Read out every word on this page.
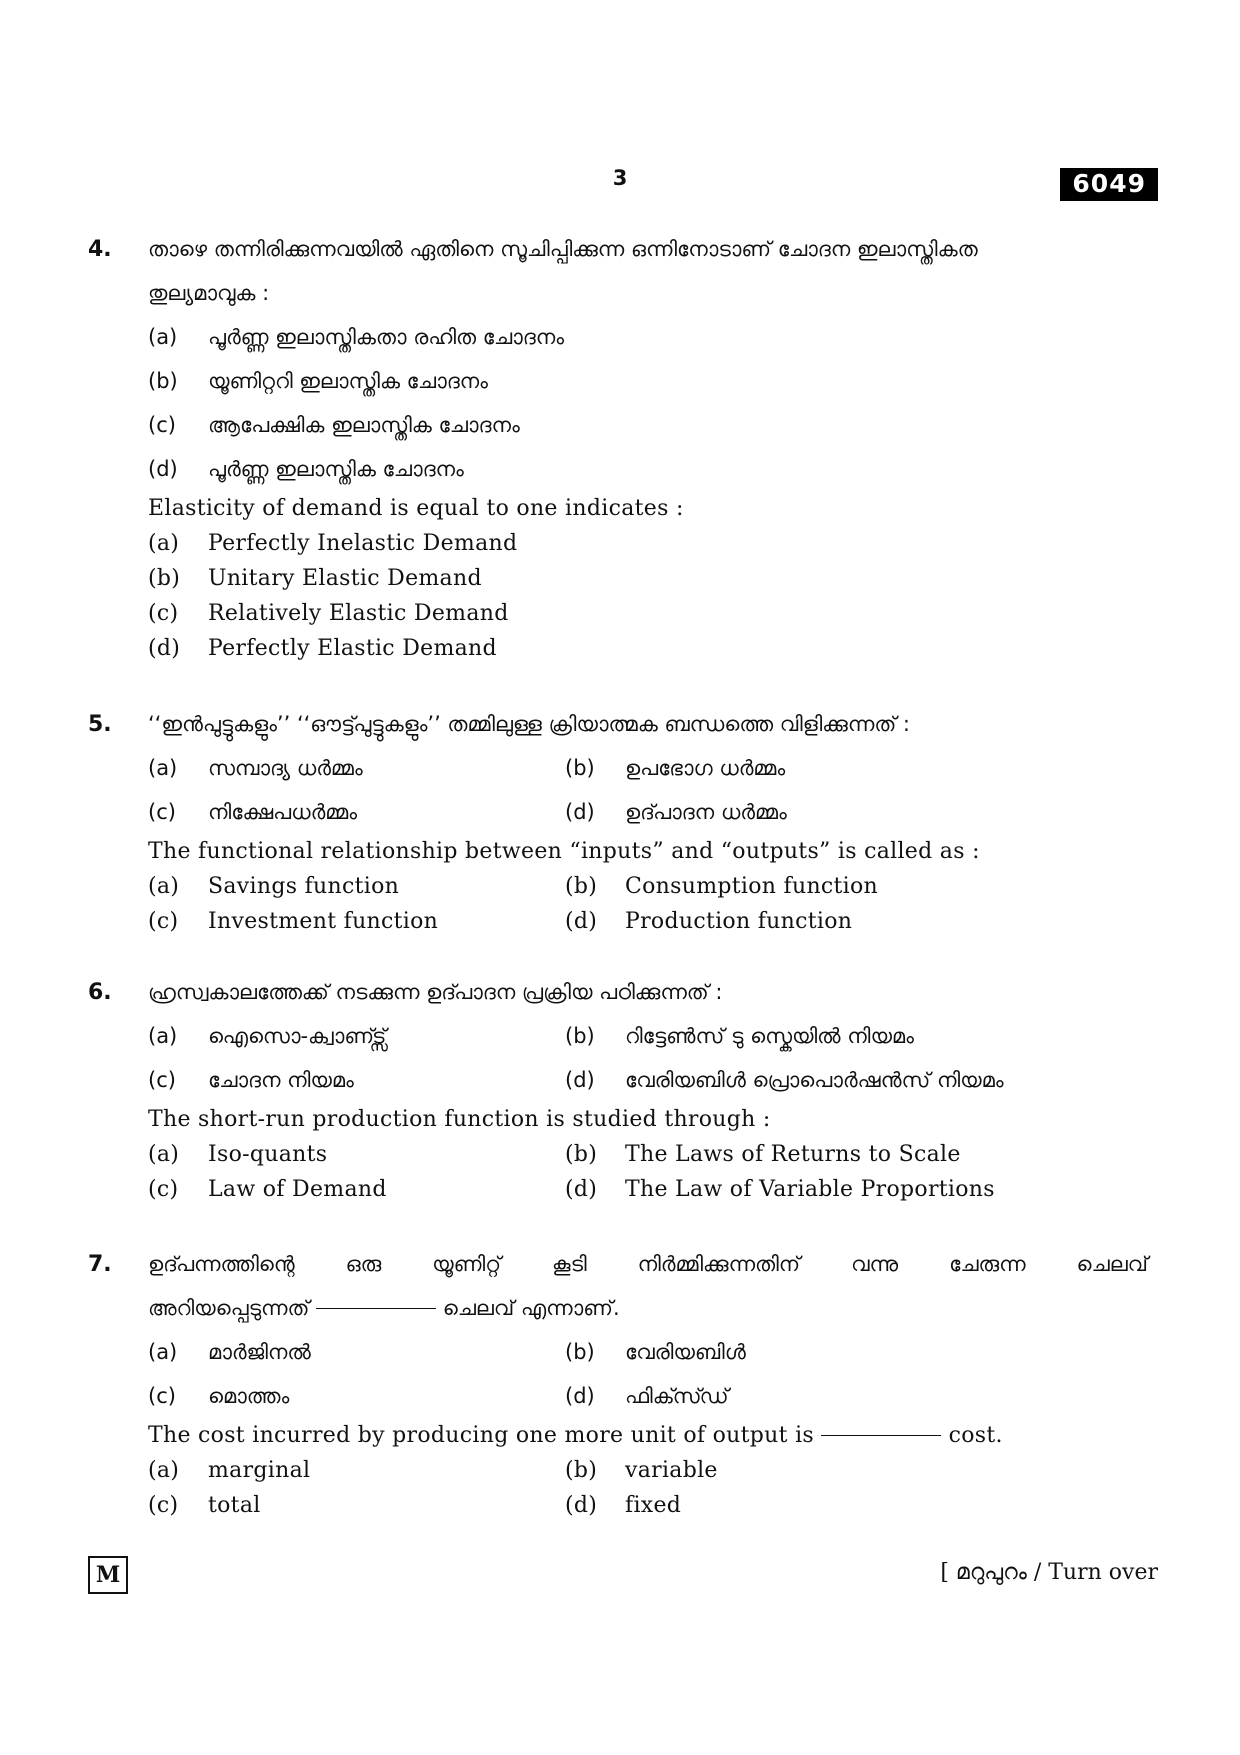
3	6049
4. താഴെ തന്നിരിക്കുന്നവയിൽ ഏതിനെ സൂചിപ്പിക്കുന്ന ഒന്നിനോടാണ് ചോദന ഇലാസ്തികത
തുല്യമാവുക :
(a)	പൂർണ്ണ ഇലാസ്തികതാ രഹിത ചോദനം
(b)	യൂണിറ്ററി ഇലാസ്തിക ചോദനം
(c)	ആപേക്ഷിക ഇലാസ്തിക ചോദനം
(d)	പൂർണ്ണ ഇലാസ്തിക ചോദനം
Elasticity of demand is equal to one indicates :
(a)	Perfectly Inelastic Demand
(b)	Unitary Elastic Demand
(c)	Relatively Elastic Demand
(d)	Perfectly Elastic Demand
5. ‘‘ഇൻപുട്ടുകളും’’ ‘‘ഔട്ട്പുട്ടുകളും’’ തമ്മിലുള്ള ക്രിയാത്മക ബന്ധത്തെ വിളിക്കുന്നത് :
(a)	സമ്പാദ്യ ധർമ്മം	(b)	ഉപഭോഗ ധർമ്മം
(c)	നിക്ഷേപധർമ്മം	(d)	ഉദ്പാദന ധർമ്മം
The functional relationship between “inputs” and “outputs” is called as :
(a)	Savings function	(b)	Consumption function
(c)	Investment function	(d)	Production function
6. ഹ്രസ്വകാലത്തേക്ക് നടക്കുന്ന ഉദ്പാദന പ്രക്രിയ പഠിക്കുന്നത് :
(a)	ഐസൊ-ക്വാണ്ട്സ്	(b)	റിട്ടേൺസ് ടു സ്കെയിൽ നിയമം
(c)	ചോദന നിയമം	(d)	വേരിയബിൾ പ്രൊപൊർഷൻസ് നിയമം
The short-run production function is studied through :
(a)	Iso-quants	(b)	The Laws of Returns to Scale
(c)	Law of Demand	(d)	The Law of Variable Proportions
7. ഉദ്പന്നത്തിന്റെ ഒരു യൂണിറ്റ് കൂടി നിർമ്മിക്കുന്നതിന് വന്നു ചേരുന്ന ചെലവ്
അറിയപ്പെടുന്നത്	ചെലവ് എന്നാണ്.
(a)	മാർജിനൽ	(b)	വേരിയബിൾ
(c)	മൊത്തം	(d)	ഫിക്സ്ഡ്
The cost incurred by producing one more unit of output is	cost.
(a)	marginal	(b)	variable
(c)	total	(d)	fixed
M	[ മറുപുറം / Turn over
